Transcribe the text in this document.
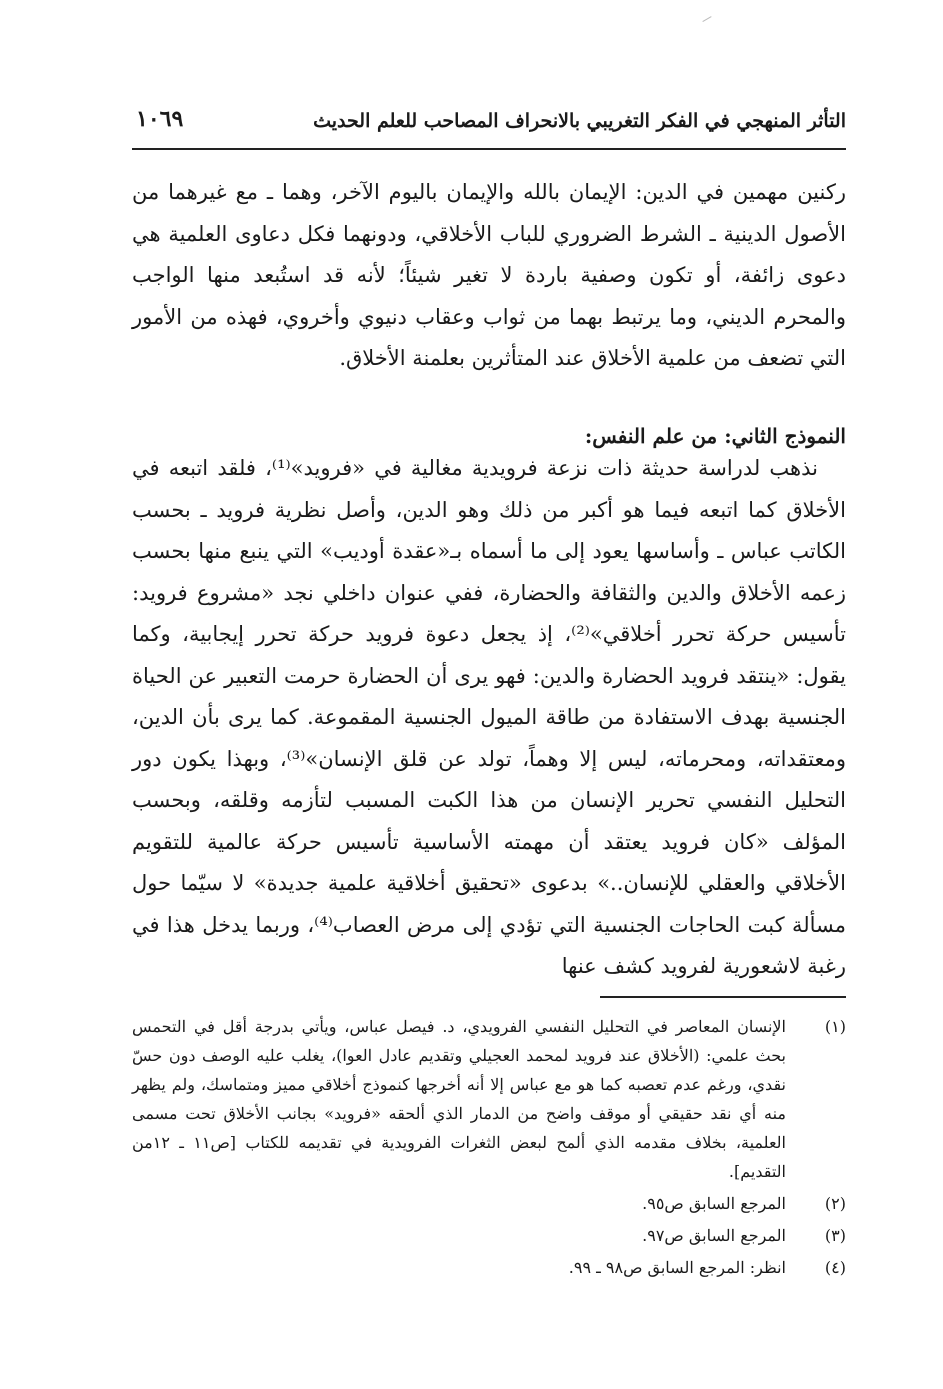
التأثر المنهجي في الفكر التغريبي بالانحراف المصاحب للعلم الحديث
١٠٦٩

ركنين مهمين في الدين: الإيمان بالله والإيمان باليوم الآخر، وهما ـ مع غيرهما من الأصول الدينية ـ الشرط الضروري للباب الأخلاقي، ودونهما فكل دعاوى العلمية هي دعوى زائفة، أو تكون وصفية باردة لا تغير شيئاً؛ لأنه قد استُبعد منها الواجب والمحرم الديني، وما يرتبط بهما من ثواب وعقاب دنيوي وأخروي، فهذه من الأمور التي تضعف من علمية الأخلاق عند المتأثرين بعلمنة الأخلاق.

النموذج الثاني: من علم النفس:

نذهب لدراسة حديثة ذات نزعة فرويدية مغالية في «فرويد»⁽¹⁾، فلقد اتبعه في الأخلاق كما اتبعه فيما هو أكبر من ذلك وهو الدين، وأصل نظرية فرويد ـ بحسب الكاتب عباس ـ وأساسها يعود إلى ما أسماه بـ«عقدة أوديب» التي ينبع منها بحسب زعمه الأخلاق والدين والثقافة والحضارة، ففي عنوان داخلي نجد «مشروع فرويد: تأسيس حركة تحرر أخلاقي»⁽²⁾، إذ يجعل دعوة فرويد حركة تحرر إيجابية، وكما يقول: «ينتقد فرويد الحضارة والدين: فهو يرى أن الحضارة حرمت التعبير عن الحياة الجنسية بهدف الاستفادة من طاقة الميول الجنسية المقموعة. كما يرى بأن الدين، ومعتقداته، ومحرماته، ليس إلا وهماً، تولد عن قلق الإنسان»⁽³⁾، وبهذا يكون دور التحليل النفسي تحرير الإنسان من هذا الكبت المسبب لتأزمه وقلقه، وبحسب المؤلف «كان فرويد يعتقد أن مهمته الأساسية تأسيس حركة عالمية للتقويم الأخلاقي والعقلي للإنسان..» بدعوى «تحقيق أخلاقية علمية جديدة» لا سيّما حول مسألة كبت الحاجات الجنسية التي تؤدي إلى مرض العصاب⁽⁴⁾، وربما يدخل هذا في رغبة لاشعورية لفرويد كشف عنها

(١)
الإنسان المعاصر في التحليل النفسي الفرويدي، د. فيصل عباس، ويأتي بدرجة أقل في التحمس بحث علمي: (الأخلاق عند فرويد لمحمد العجيلي وتقديم عادل العوا)، يغلب عليه الوصف دون حسّ نقدي، ورغم عدم تعصبه كما هو مع عباس إلا أنه أخرجها كنموذج أخلاقي مميز ومتماسك، ولم يظهر منه أي نقد حقيقي أو موقف واضح من الدمار الذي ألحقه «فرويد» بجانب الأخلاق تحت مسمى العلمية، بخلاف مقدمه الذي ألمح لبعض الثغرات الفرويدية في تقديمه للكتاب [ص١١ ـ ١٢من التقديم].
(٢)
المرجع السابق ص٩٥.
(٣)
المرجع السابق ص٩٧.
(٤)
انظر: المرجع السابق ص٩٨ ـ ٩٩.
